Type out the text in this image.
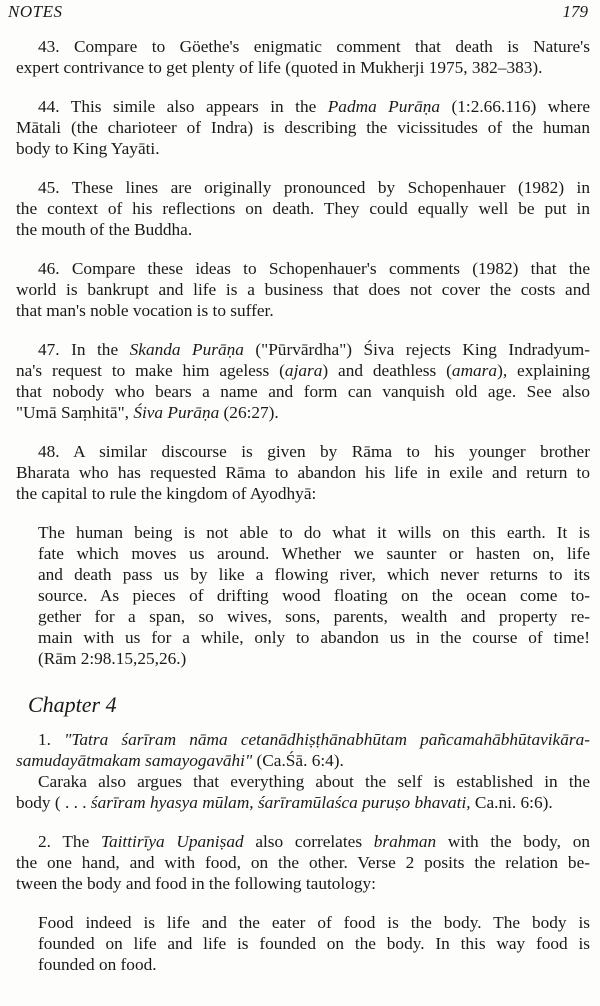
NOTES	179
43. Compare to Göethe's enigmatic comment that death is Nature's
expert contrivance to get plenty of life (quoted in Mukherji 1975, 382–383).
44. This simile also appears in the Padma Purāṇa (1:2.66.116) where
Mātali (the charioteer of Indra) is describing the vicissitudes of the human
body to King Yayāti.
45. These lines are originally pronounced by Schopenhauer (1982) in
the context of his reflections on death. They could equally well be put in
the mouth of the Buddha.
46. Compare these ideas to Schopenhauer's comments (1982) that the
world is bankrupt and life is a business that does not cover the costs and
that man's noble vocation is to suffer.
47. In the Skanda Purāṇa ("Pūrvārdha") Śiva rejects King Indradyum-
na's request to make him ageless (ajara) and deathless (amara), explaining
that nobody who bears a name and form can vanquish old age. See also
"Umā Saṃhitā", Śiva Purāṇa (26:27).
48. A similar discourse is given by Rāma to his younger brother
Bharata who has requested Rāma to abandon his life in exile and return to
the capital to rule the kingdom of Ayodhyā:
The human being is not able to do what it wills on this earth. It is
fate which moves us around. Whether we saunter or hasten on, life
and death pass us by like a flowing river, which never returns to its
source. As pieces of drifting wood floating on the ocean come to-
gether for a span, so wives, sons, parents, wealth and property re-
main with us for a while, only to abandon us in the course of time!
(Rām 2:98.15,25,26.)
Chapter 4
1. "Tatra śarīram nāma cetanādhiṣṭhānabhūtam pañcamahābhūtavikāra-
samudayātmakam samayogavāhi" (Ca.Śā. 6:4).
Caraka also argues that everything about the self is established in the
body ( . . . śarīram hyasya mūlam, śarīramūlaśca puruṣo bhavati, Ca.ni. 6:6).
2. The Taittirīya Upaniṣad also correlates brahman with the body, on
the one hand, and with food, on the other. Verse 2 posits the relation be-
tween the body and food in the following tautology:
Food indeed is life and the eater of food is the body. The body is
founded on life and life is founded on the body. In this way food is
founded on food.
